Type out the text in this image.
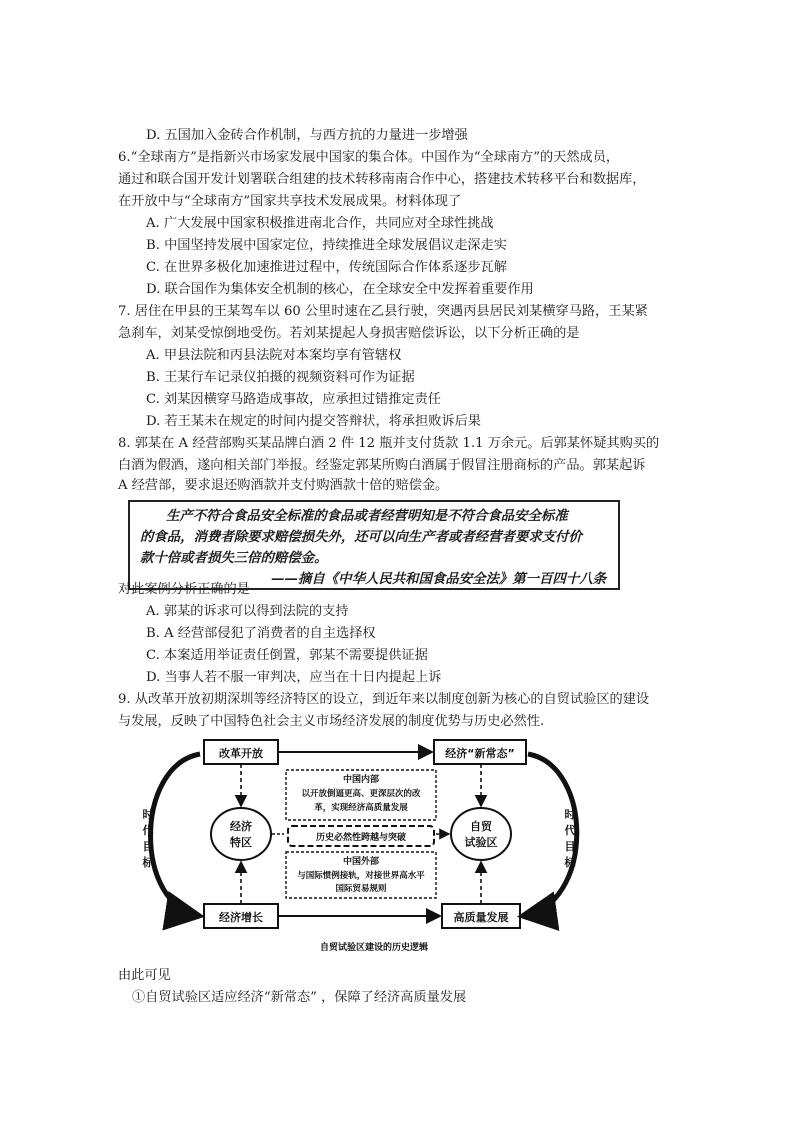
D. 五国加入金砖合作机制，与西方抗的力量进一步增强
6.“全球南方”是指新兴市场家发展中国家的集合体。中国作为“全球南方”的天然成员，
通过和联合国开发计划署联合组建的技术转移南南合作中心，搭建技术转移平台和数据库，
在开放中与“全球南方”国家共享技术发展成果。材料体现了
A. 广大发展中国家积极推进南北合作，共同应对全球性挑战
B. 中国坚持发展中国家定位，持续推进全球发展倡议走深走实
C. 在世界多极化加速推进过程中，传统国际合作体系逐步瓦解
D. 联合国作为集体安全机制的核心，在全球安全中发挥着重要作用
7. 居住在甲县的王某驾车以 60 公里时速在乙县行驶，突遇丙县居民刘某横穿马路，王某紧
急刹车，刘某受惊倒地受伤。若刘某提起人身损害赔偿诉讼，以下分析正确的是
A. 甲县法院和丙县法院对本案均享有管辖权
B. 王某行车记录仪拍摄的视频资料可作为证据
C. 刘某因横穿马路造成事故，应承担过错推定责任
D. 若王某未在规定的时间内提交答辩状，将承担败诉后果
8. 郭某在 A 经营部购买某品牌白酒 2 件 12 瓶并支付货款 1.1 万余元。后郭某怀疑其购买的
白酒为假酒，遂向相关部门举报。经鉴定郭某所购白酒属于假冒注册商标的产品。郭某起诉
A 经营部，要求退还购酒款并支付购酒款十倍的赔偿金。
生产不符合食品安全标准的食品或者经营明知是不符合食品安全标准
的食品，消费者除要求赔偿损失外，还可以向生产者或者经营者要求支付价
款十倍或者损失三倍的赔偿金。
——摘自《中华人民共和国食品安全法》第一百四十八条
对此案例分析正确的是
A. 郭某的诉求可以得到法院的支持
B. A 经营部侵犯了消费者的自主选择权
C. 本案适用举证责任倒置，郭某不需要提供证据
D. 当事人若不服一审判决，应当在十日内提起上诉
9. 从改革开放初期深圳等经济特区的设立，到近年来以制度创新为核心的自贸试验区的建设
与发展，反映了中国特色社会主义市场经济发展的制度优势与历史必然性.
改革开放	经济“新常态”
经济增长	高质量发展
经济
特区
自贸
试验区
中国内部
以开放倒逼更高、更深层次的改
革，实现经济高质量发展
历史必然性跨越与突破
中国外部
与国际惯例接轨，对接世界高水平
国际贸易规则
时
代
目
标
时
代
目
标
自贸试验区建设的历史逻辑
由此可见
①自贸试验区适应经济“新常态” ，保障了经济高质量发展
